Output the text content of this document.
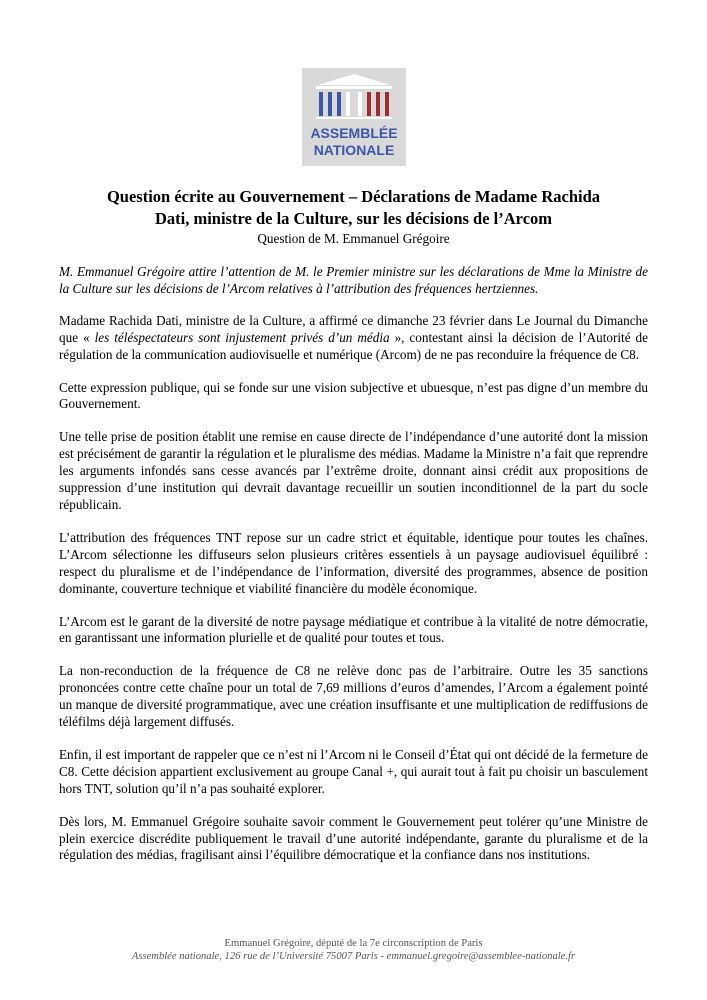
ASSEMBLÉE
NATIONALE
Question écrite au Gouvernement – Déclarations de Madame Rachida
Dati, ministre de la Culture, sur les décisions de l’Arcom
Question de M. Emmanuel Grégoire

M. Emmanuel Grégoire attire l’attention de M. le Premier ministre sur les déclarations de Mme la Ministre de la Culture sur les décisions de l’Arcom relatives à l’attribution des fréquences hertziennes.

Madame Rachida Dati, ministre de la Culture, a affirmé ce dimanche 23 février dans Le Journal du Dimanche que « les téléspectateurs sont injustement privés d’un média », contestant ainsi la décision de l’Autorité de régulation de la communication audiovisuelle et numérique (Arcom) de ne pas reconduire la fréquence de C8.

Cette expression publique, qui se fonde sur une vision subjective et ubuesque, n’est pas digne d’un membre du Gouvernement.

Une telle prise de position établit une remise en cause directe de l’indépendance d’une autorité dont la mission est précisément de garantir la régulation et le pluralisme des médias. Madame la Ministre n’a fait que reprendre les arguments infondés sans cesse avancés par l’extrême droite, donnant ainsi crédit aux propositions de suppression d’une institution qui devrait davantage recueillir un soutien inconditionnel de la part du socle républicain.

L’attribution des fréquences TNT repose sur un cadre strict et équitable, identique pour toutes les chaînes. L’Arcom sélectionne les diffuseurs selon plusieurs critères essentiels à un paysage audiovisuel équilibré : respect du pluralisme et de l’indépendance de l’information, diversité des programmes, absence de position dominante, couverture technique et viabilité financière du modèle économique.

L’Arcom est le garant de la diversité de notre paysage médiatique et contribue à la vitalité de notre démocratie, en garantissant une information plurielle et de qualité pour toutes et tous.

La non-reconduction de la fréquence de C8 ne relève donc pas de l’arbitraire. Outre les 35 sanctions prononcées contre cette chaîne pour un total de 7,69 millions d’euros d’amendes, l’Arcom a également pointé un manque de diversité programmatique, avec une création insuffisante et une multiplication de rediffusions de téléfilms déjà largement diffusés.

Enfin, il est important de rappeler que ce n’est ni l’Arcom ni le Conseil d’État qui ont décidé de la fermeture de C8. Cette décision appartient exclusivement au groupe Canal +, qui aurait tout à fait pu choisir un basculement hors TNT, solution qu’il n’a pas souhaité explorer.

Dès lors, M. Emmanuel Grégoire souhaite savoir comment le Gouvernement peut tolérer qu’une Ministre de plein exercice discrédite publiquement le travail d’une autorité indépendante, garante du pluralisme et de la régulation des médias, fragilisant ainsi l’équilibre démocratique et la confiance dans nos institutions.

Emmanuel Grégoire, député de la 7e circonscription de Paris
Assemblée nationale, 126 rue de l’Université 75007 Paris - emmanuel.gregoire@assemblee-nationale.fr
